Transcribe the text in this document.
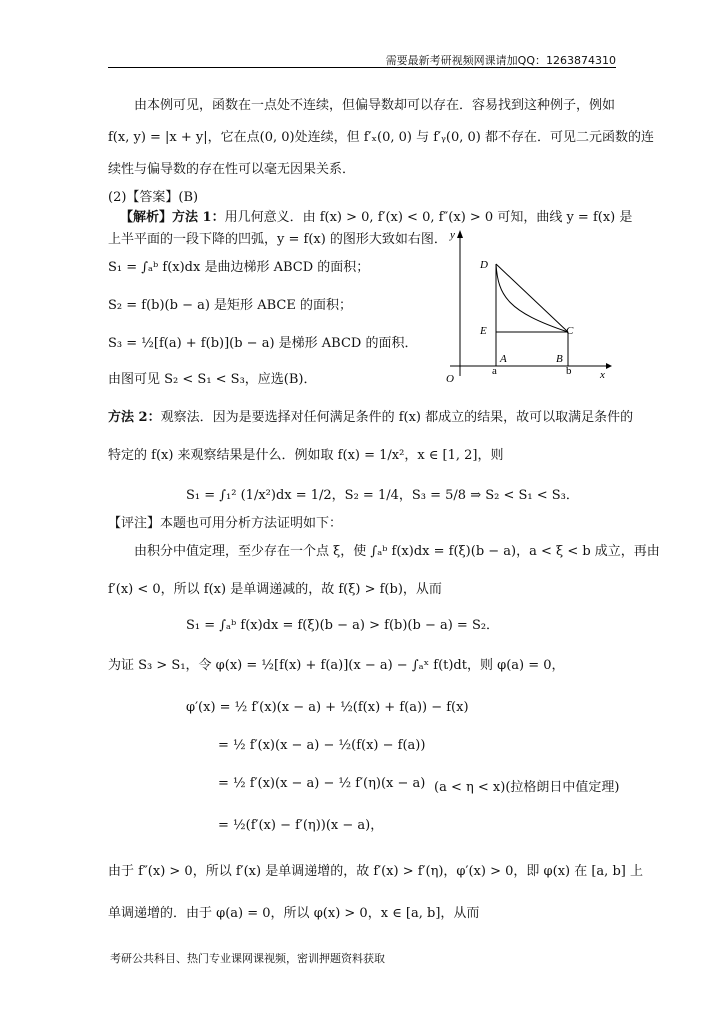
需要最新考研视频网课请加QQ：1263874310
由本例可见，函数在一点处不连续，但偏导数却可以存在．容易找到这种例子，例如
f(x, y) = |x + y|，它在点(0, 0)处连续，但 f′ₓ(0, 0) 与 f′ᵧ(0, 0) 都不存在．可见二元函数的连
续性与偏导数的存在性可以毫无因果关系．
(2)【答案】(B)
【解析】方法 1：用几何意义．由 f(x) > 0, f′(x) < 0, f″(x) > 0 可知，曲线 y = f(x) 是
上半平面的一段下降的凹弧，y = f(x) 的图形大致如右图．
S₁ = ∫ₐᵇ f(x)dx 是曲边梯形 ABCD 的面积；
S₂ = f(b)(b − a) 是矩形 ABCE 的面积；
S₃ = ½[f(a) + f(b)](b − a) 是梯形 ABCD 的面积．
由图可见 S₂ < S₁ < S₃，应选(B)．
y
x
O
D
E	C
A	B
a	b
方法 2：观察法．因为是要选择对任何满足条件的 f(x) 都成立的结果，故可以取满足条件的
特定的 f(x) 来观察结果是什么．例如取 f(x) = 1/x²，x ∈ [1, 2]，则
S₁ = ∫₁² (1/x²)dx = 1/2，S₂ = 1/4，S₃ = 5/8 ⇒ S₂ < S₁ < S₃．
【评注】本题也可用分析方法证明如下：
由积分中值定理，至少存在一个点 ξ，使 ∫ₐᵇ f(x)dx = f(ξ)(b − a)，a < ξ < b 成立，再由
f′(x) < 0，所以 f(x) 是单调递减的，故 f(ξ) > f(b)，从而
S₁ = ∫ₐᵇ f(x)dx = f(ξ)(b − a) > f(b)(b − a) = S₂．
为证 S₃ > S₁，令 φ(x) = ½[f(x) + f(a)](x − a) − ∫ₐˣ f(t)dt，则 φ(a) = 0，
φ′(x) = ½ f′(x)(x − a) + ½(f(x) + f(a)) − f(x)
= ½ f′(x)(x − a) − ½(f(x) − f(a))
= ½ f′(x)(x − a) − ½ f′(η)(x − a) (a < η < x)(拉格朗日中值定理)
= ½(f′(x) − f′(η))(x − a)，
由于 f″(x) > 0，所以 f′(x) 是单调递增的，故 f′(x) > f′(η)，φ′(x) > 0，即 φ(x) 在 [a, b] 上
单调递增的．由于 φ(a) = 0，所以 φ(x) > 0，x ∈ [a, b]，从而
考研公共科目、热门专业课网课视频，密训押题资料获取
